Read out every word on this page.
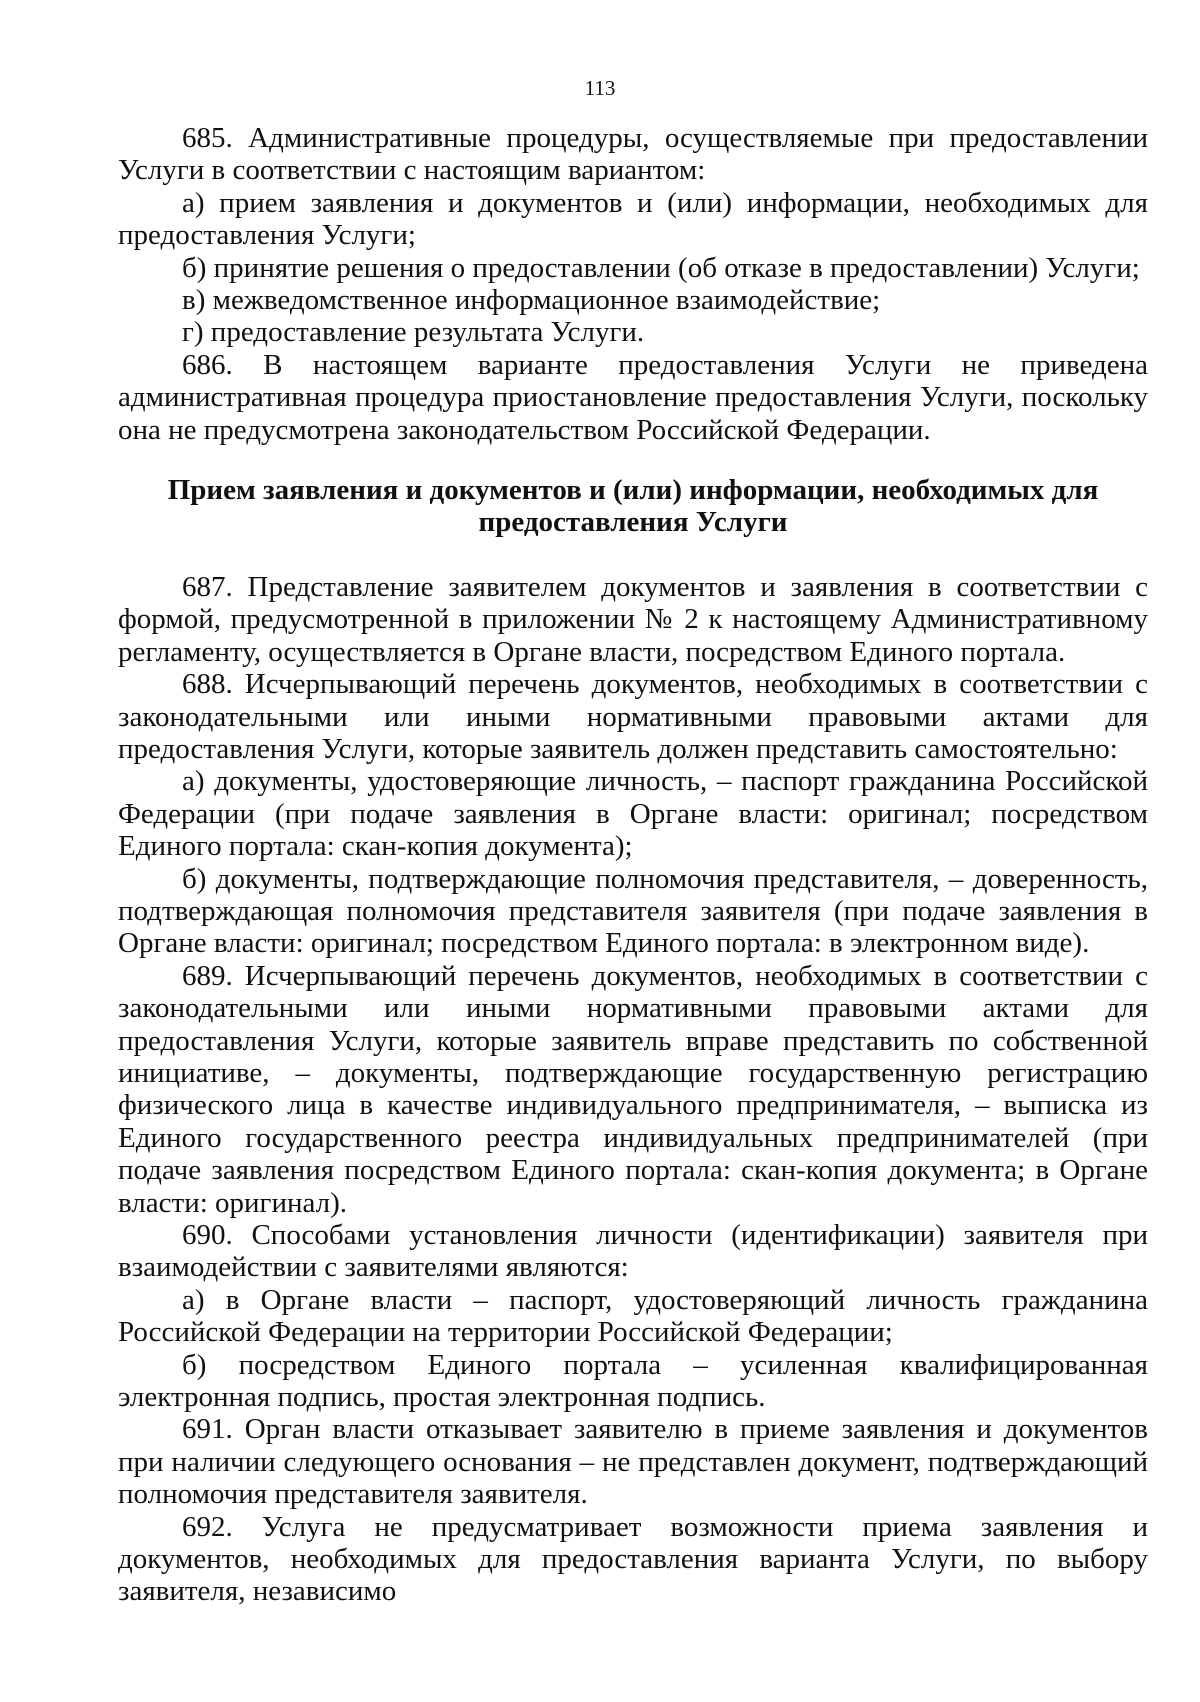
113

685. Административные процедуры, осуществляемые при предоставлении Услуги в соответствии с настоящим вариантом:

а) прием заявления и документов и (или) информации, необходимых для предоставления Услуги;

б) принятие решения о предоставлении (об отказе в предоставлении) Услуги;

в) межведомственное информационное взаимодействие;

г) предоставление результата Услуги.

686. В настоящем варианте предоставления Услуги не приведена административная процедура приостановление предоставления Услуги, поскольку она не предусмотрена законодательством Российской Федерации.

Прием заявления и документов и (или) информации, необходимых для предоставления Услуги

687. Представление заявителем документов и заявления в соответствии с формой, предусмотренной в приложении № 2 к настоящему Административному регламенту, осуществляется в Органе власти, посредством Единого портала.

688. Исчерпывающий перечень документов, необходимых в соответствии с законодательными или иными нормативными правовыми актами для предоставления Услуги, которые заявитель должен представить самостоятельно:

а) документы, удостоверяющие личность, – паспорт гражданина Российской Федерации (при подаче заявления в Органе власти: оригинал; посредством Единого портала: скан-копия документа);

б) документы, подтверждающие полномочия представителя, – доверенность, подтверждающая полномочия представителя заявителя (при подаче заявления в Органе власти: оригинал; посредством Единого портала: в электронном виде).

689. Исчерпывающий перечень документов, необходимых в соответствии с законодательными или иными нормативными правовыми актами для предоставления Услуги, которые заявитель вправе представить по собственной инициативе, – документы, подтверждающие государственную регистрацию физического лица в качестве индивидуального предпринимателя, – выписка из Единого государственного реестра индивидуальных предпринимателей (при подаче заявления посредством Единого портала: скан-копия документа; в Органе власти: оригинал).

690. Способами установления личности (идентификации) заявителя при взаимодействии с заявителями являются:

а) в Органе власти – паспорт, удостоверяющий личность гражданина Российской Федерации на территории Российской Федерации;

б) посредством Единого портала – усиленная квалифицированная электронная подпись, простая электронная подпись.

691. Орган власти отказывает заявителю в приеме заявления и документов при наличии следующего основания – не представлен документ, подтверждающий полномочия представителя заявителя.

692. Услуга не предусматривает возможности приема заявления и документов, необходимых для предоставления варианта Услуги, по выбору заявителя, независимо
